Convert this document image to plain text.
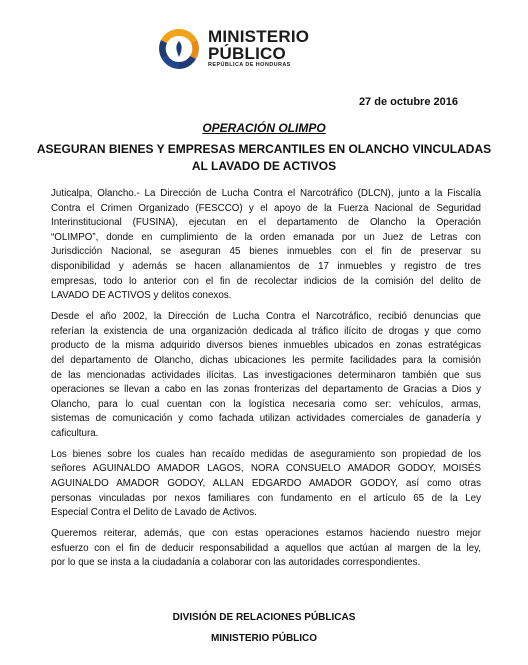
MINISTERIO
PÚBLICO
REPÚBLICA DE HONDURAS
27 de octubre 2016
OPERACIÓN OLIMPO
ASEGURAN BIENES Y EMPRESAS MERCANTILES EN OLANCHO VINCULADAS
AL LAVADO DE ACTIVOS
Juticalpa, Olancho.- La Dirección de Lucha Contra el Narcotráfico (DLCN), junto a la Fiscalía
Contra el Crimen Organizado (FESCCO) y el apoyo de la Fuerza Nacional de Seguridad
Interinstitucional (FUSINA), ejecutan en el departamento de Olancho la Operación
“OLIMPO”, donde en cumplimiento de la orden emanada por un Juez de Letras con
Jurisdicción Nacional, se aseguran 45 bienes inmuebles con el fin de preservar su
disponibilidad y además se hacen allanamientos de 17 inmuebles y registro de tres
empresas, todo lo anterior con el fin de recolectar indicios de la comisión del delito de
LAVADO DE ACTIVOS y delitos conexos.
Desde el año 2002, la Dirección de Lucha Contra el Narcotráfico, recibió denuncias que
referían la existencia de una organización dedicada al tráfico ilícito de drogas y que como
producto de la misma adquirido diversos bienes inmuebles ubicados en zonas estratégicas
del departamento de Olancho, dichas ubicaciones les permite facilidades para la comisión
de las mencionadas actividades ilícitas. Las investigaciones determinaron también que sus
operaciones se llevan a cabo en las zonas fronterizas del departamento de Gracias a Dios y
Olancho, para lo cual cuentan con la logística necesaria como ser: vehículos, armas,
sistemas de comunicación y como fachada utilizan actividades comerciales de ganadería y
caficultura.
Los bienes sobre los cuales han recaído medidas de aseguramiento son propiedad de los
señores AGUINALDO AMADOR LAGOS, NORA CONSUELO AMADOR GODOY, MOISÉS
AGUINALDO AMADOR GODOY, ALLAN EDGARDO AMADOR GODOY, así como otras
personas vinculadas por nexos familiares con fundamento en el artículo 65 de la Ley
Especial Contra el Delito de Lavado de Activos.
Queremos reiterar, además, que con estas operaciones estamos haciendo nuestro mejor
esfuerzo con el fin de deducir responsabilidad a aquellos que actúan al margen de la ley,
por lo que se insta a la ciudadanía a colaborar con las autoridades correspondientes.
DIVISIÓN DE RELACIONES PÚBLICAS
MINISTERIO PÚBLICO
